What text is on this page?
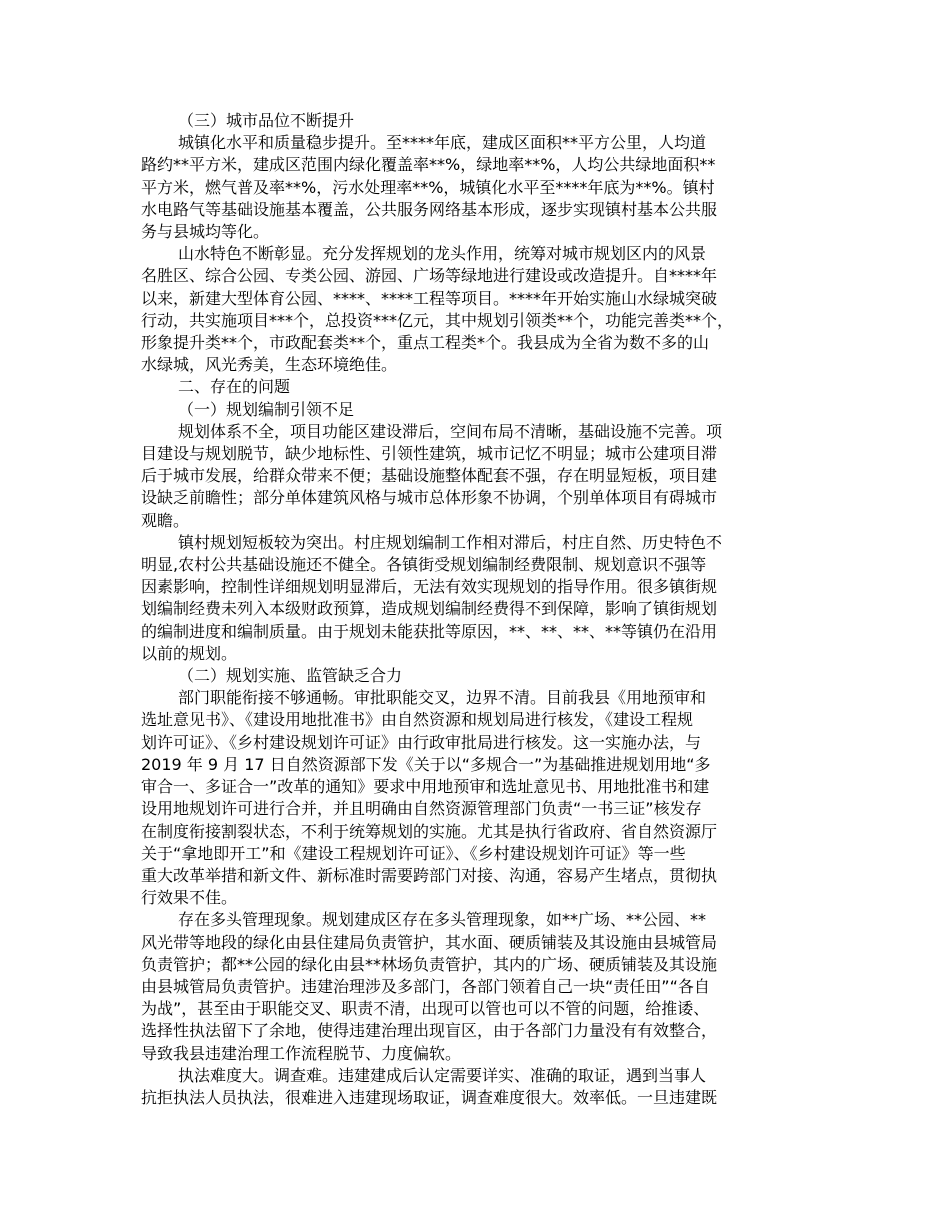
（三）城市品位不断提升
城镇化水平和质量稳步提升。至****年底，建成区面积**平方公里，人均道
路约**平方米，建成区范围内绿化覆盖率**%，绿地率**%，人均公共绿地面积**
平方米，燃气普及率**%，污水处理率**%，城镇化水平至****年底为**%。镇村
水电路气等基础设施基本覆盖，公共服务网络基本形成，逐步实现镇村基本公共服
务与县城均等化。
山水特色不断彰显。充分发挥规划的龙头作用，统筹对城市规划区内的风景
名胜区、综合公园、专类公园、游园、广场等绿地进行建设或改造提升。自****年
以来，新建大型体育公园、****、****工程等项目。****年开始实施山水绿城突破
行动，共实施项目***个，总投资***亿元，其中规划引领类**个，功能完善类**个，
形象提升类**个，市政配套类**个，重点工程类*个。我县成为全省为数不多的山
水绿城，风光秀美，生态环境绝佳。
二、存在的问题
（一）规划编制引领不足
规划体系不全，项目功能区建设滞后，空间布局不清晰，基础设施不完善。项
目建设与规划脱节，缺少地标性、引领性建筑，城市记忆不明显；城市公建项目滞
后于城市发展，给群众带来不便；基础设施整体配套不强，存在明显短板，项目建
设缺乏前瞻性；部分单体建筑风格与城市总体形象不协调，个别单体项目有碍城市
观瞻。
镇村规划短板较为突出。村庄规划编制工作相对滞后，村庄自然、历史特色不
明显,农村公共基础设施还不健全。各镇街受规划编制经费限制、规划意识不强等
因素影响，控制性详细规划明显滞后，无法有效实现规划的指导作用。很多镇街规
划编制经费未列入本级财政预算，造成规划编制经费得不到保障，影响了镇街规划
的编制进度和编制质量。由于规划未能获批等原因，**、**、**、**等镇仍在沿用
以前的规划。
（二）规划实施、监管缺乏合力
部门职能衔接不够通畅。审批职能交叉，边界不清。目前我县《用地预审和
选址意见书》、《建设用地批准书》由自然资源和规划局进行核发，《建设工程规
划许可证》、《乡村建设规划许可证》由行政审批局进行核发。这一实施办法，与
2019 年 9 月 17 日自然资源部下发《关于以“多规合一”为基础推进规划用地“多
审合一、多证合一”改革的通知》要求中用地预审和选址意见书、用地批准书和建
设用地规划许可进行合并，并且明确由自然资源管理部门负责“一书三证”核发存
在制度衔接割裂状态，不利于统筹规划的实施。尤其是执行省政府、省自然资源厅
关于“拿地即开工”和《建设工程规划许可证》、《乡村建设规划许可证》等一些
重大改革举措和新文件、新标准时需要跨部门对接、沟通，容易产生堵点，贯彻执
行效果不佳。
存在多头管理现象。规划建成区存在多头管理现象，如**广场、**公园、**
风光带等地段的绿化由县住建局负责管护，其水面、硬质铺装及其设施由县城管局
负责管护；都**公园的绿化由县**林场负责管护，其内的广场、硬质铺装及其设施
由县城管局负责管护。违建治理涉及多部门，各部门领着自己一块“责任田”“各自
为战”，甚至由于职能交叉、职责不清，出现可以管也可以不管的问题，给推诿、
选择性执法留下了余地，使得违建治理出现盲区，由于各部门力量没有有效整合，
导致我县违建治理工作流程脱节、力度偏软。
执法难度大。调查难。违建建成后认定需要详实、准确的取证，遇到当事人
抗拒执法人员执法，很难进入违建现场取证，调查难度很大。效率低。一旦违建既
